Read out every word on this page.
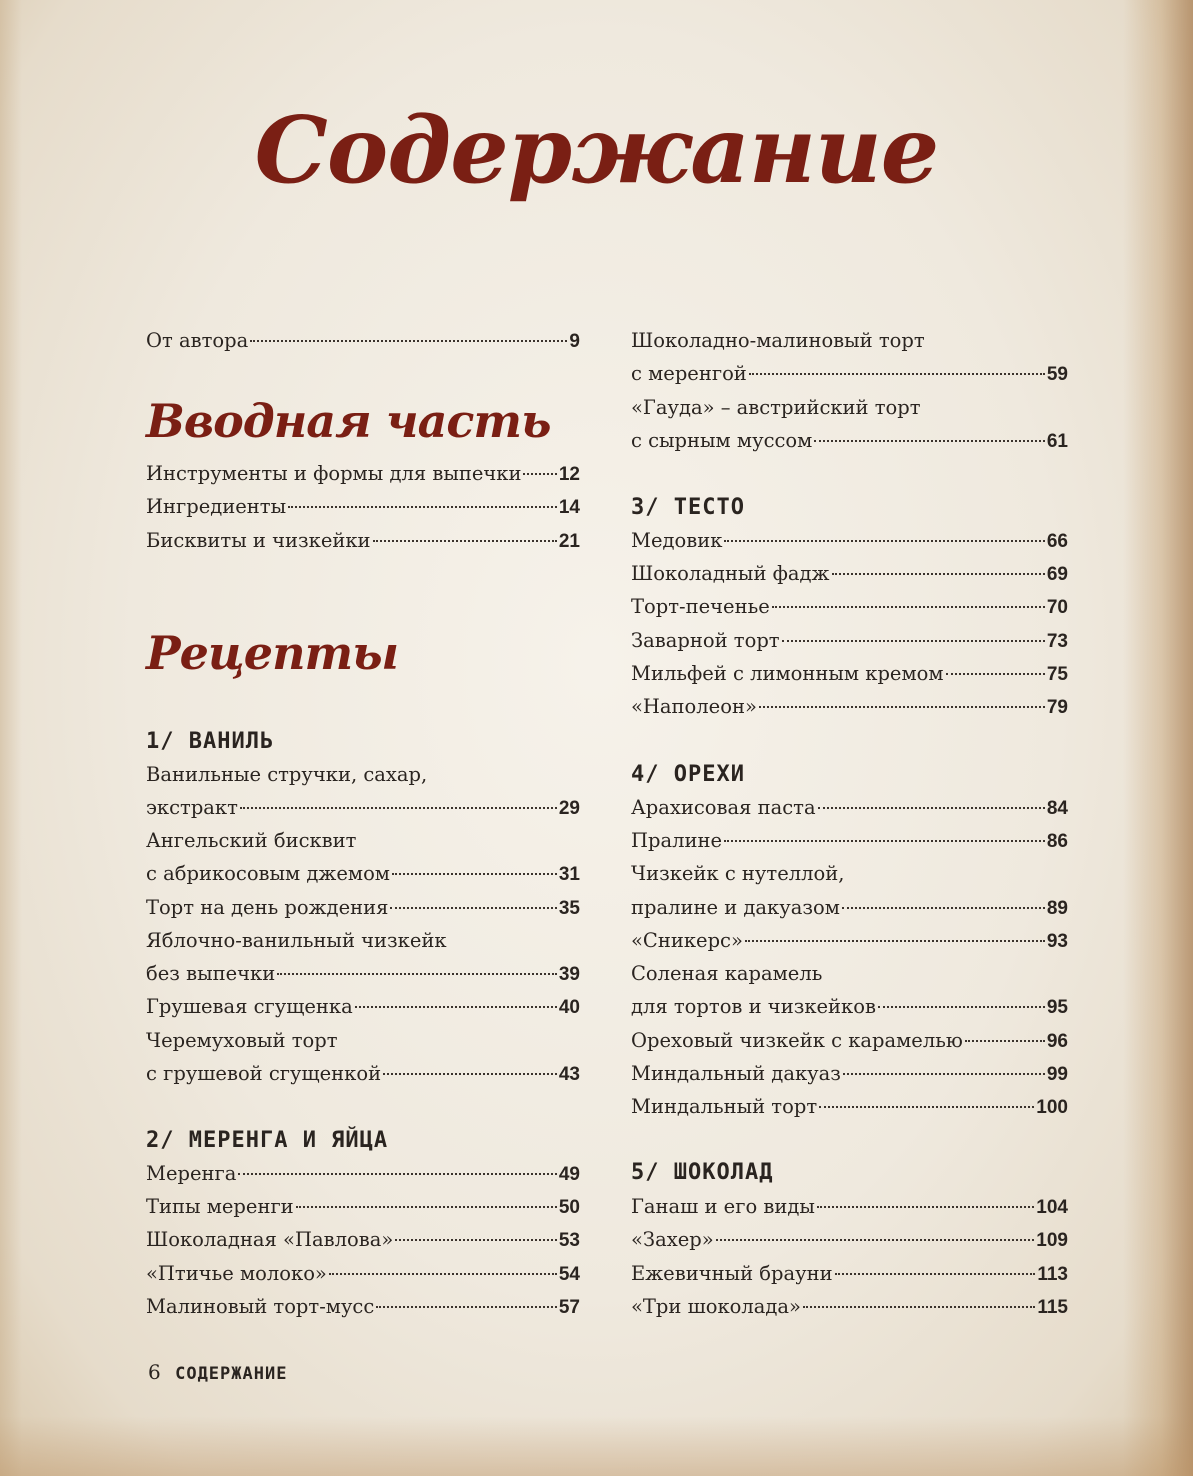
Содержание
От автора	9
Вводная часть
Инструменты и формы для выпечки 12
Ингредиенты	14
Бисквиты и чизкейки	21
Рецепты
1/ ВАНИЛЬ
Ванильные стручки, сахар,
экстракт	29
Ангельский бисквит
с абрикосовым джемом	31
Торт на день рождения	35
Яблочно-ванильный чизкейк
без выпечки	39
Грушевая сгущенка	40
Черемуховый торт
с грушевой сгущенкой	43
2/ МЕРЕНГА И ЯЙЦА
Меренга	49
Типы меренги	50
Шоколадная «Павлова»	53
«Птичье молоко»	54
Малиновый торт-мусс	57
Шоколадно-малиновый торт
с меренгой	59
«Гауда» – австрийский торт
с сырным муссом	61
3/ ТЕСТО
Медовик	66
Шоколадный фадж	69
Торт-печенье	70
Заварной торт	73
Мильфей с лимонным кремом	75
«Наполеон»	79
4/ ОРЕХИ
Арахисовая паста	84
Пралине	86
Чизкейк с нутеллой,
пралине и дакуазом	89
«Сникерс»	93
Соленая карамель
для тортов и чизкейков	95
Ореховый чизкейк с карамелью	96
Миндальный дакуаз	99
Миндальный торт	100
5/ ШОКОЛАД
Ганаш и его виды	104
«Захер»	109
Ежевичный брауни	113
«Три шоколада»	115
6 СОДЕРЖАНИЕ
